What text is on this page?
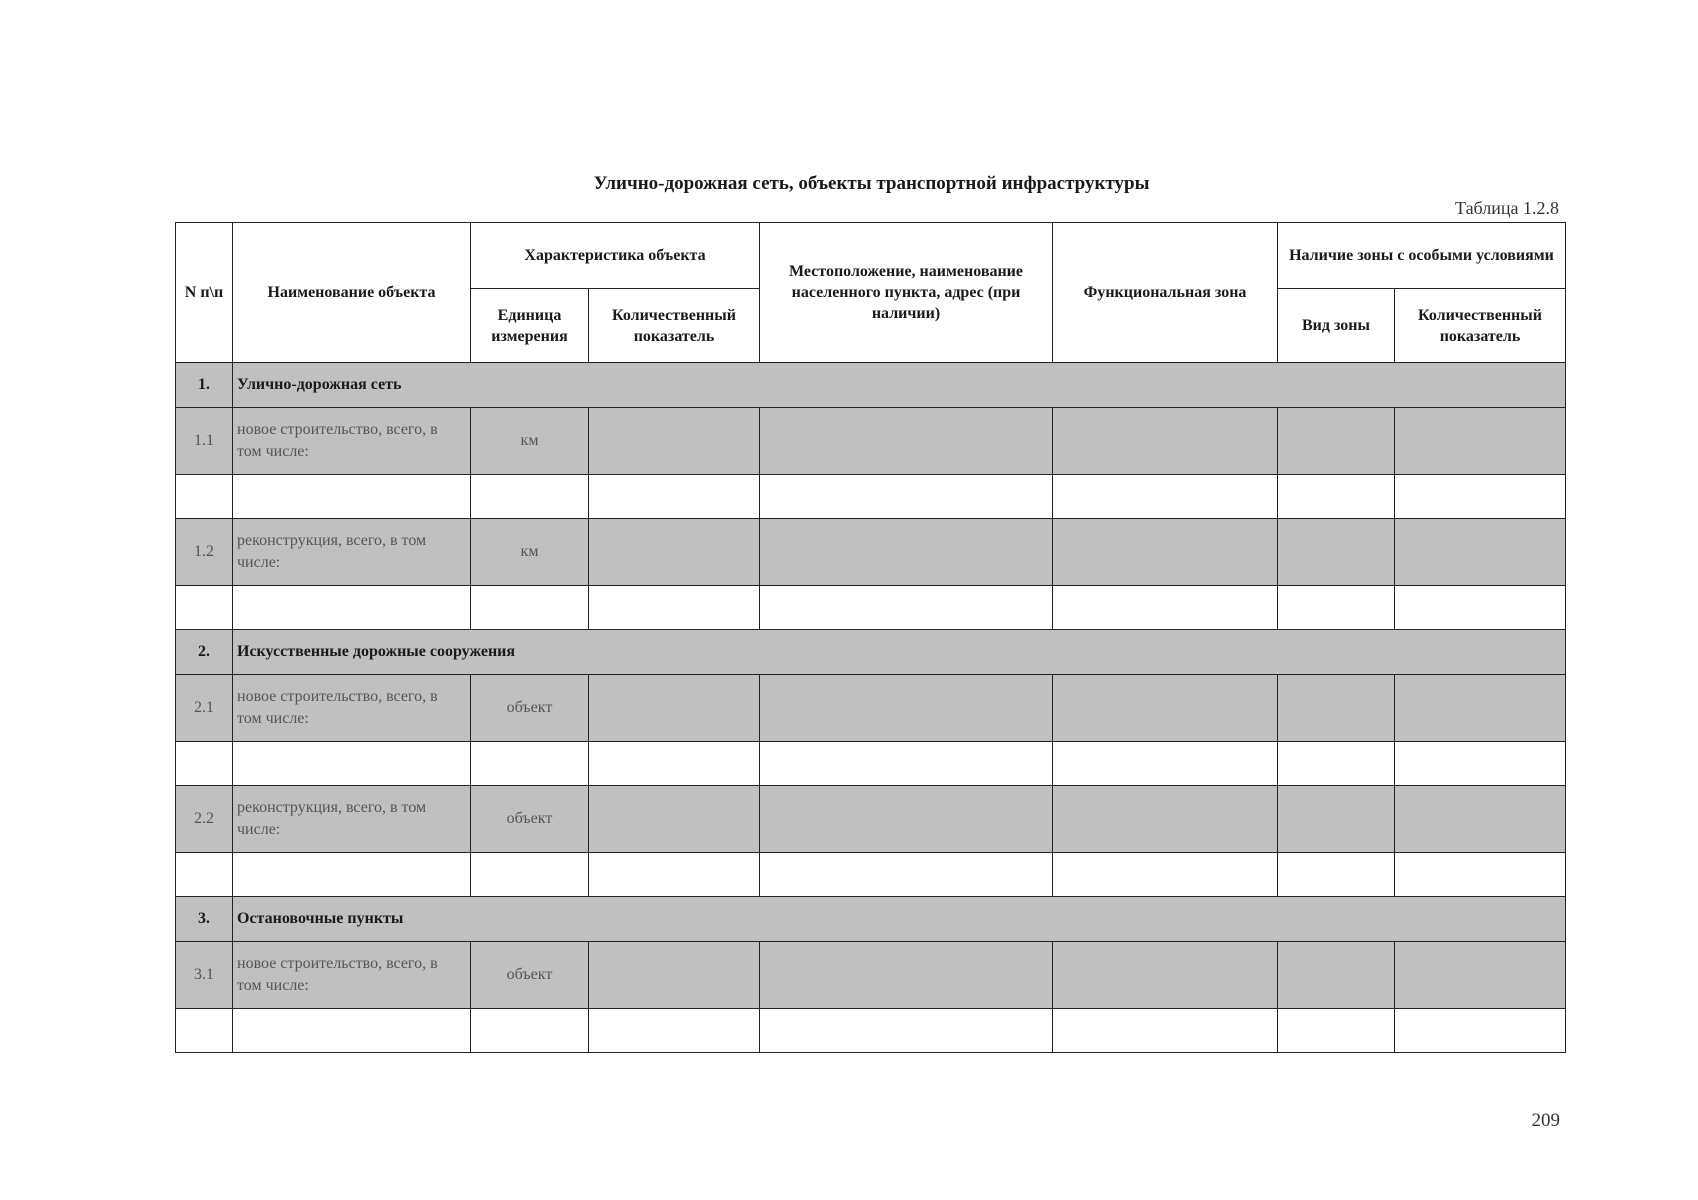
Улично-дорожная сеть, объекты транспортной инфраструктуры
Таблица 1.2.8
N п\п	Наименование объекта	Характеристика объекта		Местоположение, наименование населенного пункта, адрес (при наличии)	Функциональная зона	Наличие зоны с особыми условиями	
		Единица измерения	Количественный показатель			Вид зоны	Количественный показатель
1.	Улично-дорожная сеть						
1.1	новое строительство, всего, в том числе:	км					

1.2	реконструкция, всего, в том числе:	км					

2.	Искусственные дорожные сооружения						
2.1	новое строительство, всего, в том числе:	объект					

2.2	реконструкция, всего, в том числе:	объект					

3.	Остановочные пункты						
3.1	новое строительство, всего, в том числе:	объект					

209
